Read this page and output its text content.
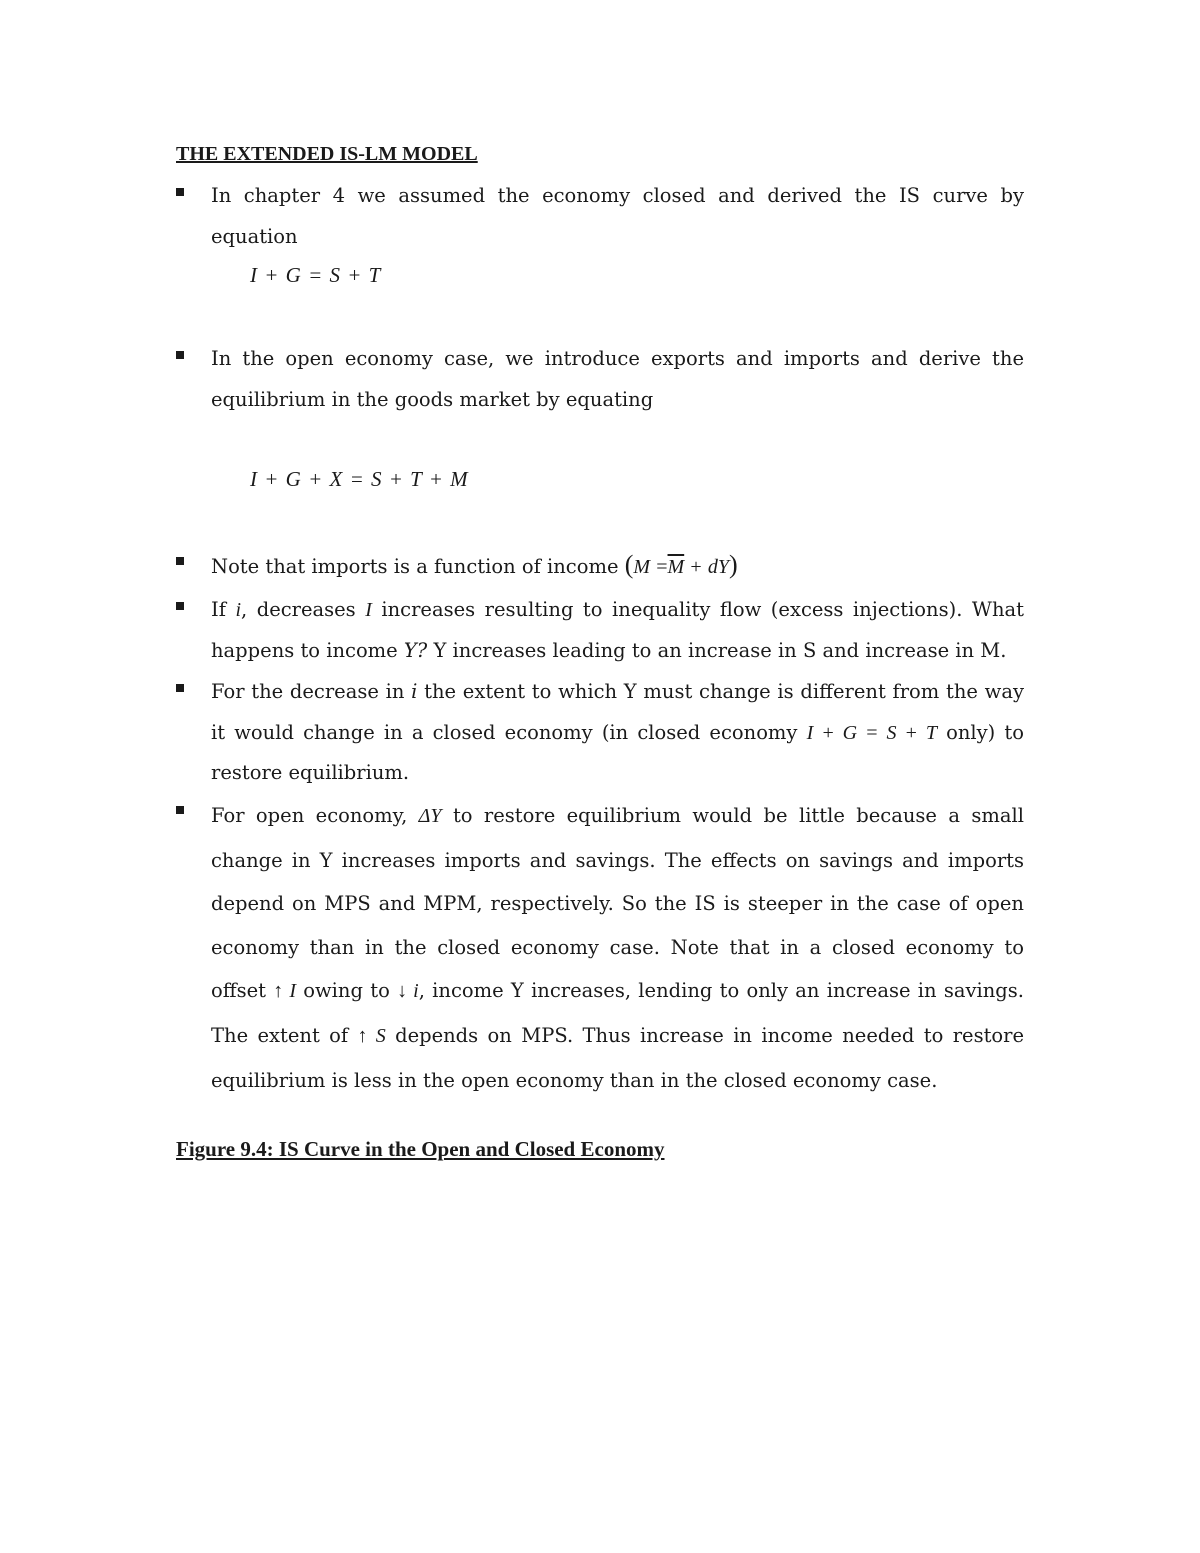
THE EXTENDED IS-LM MODEL
In chapter 4 we assumed the economy closed and derived the IS curve by equation
I + G = S + T
In the open economy case, we introduce exports and imports and derive the equilibrium in the goods market by equating
I + G + X = S + T + M
Note that imports is a function of income $(M =\overline{M} + dY)$
If i, decreases I increases resulting to inequality flow (excess injections). What happens to income Y? Y increases leading to an increase in S and increase in M.
For the decrease in i the extent to which Y must change is different from the way it would change in a closed economy (in closed economy I + G = S + T only) to restore equilibrium.
For open economy, ΔY to restore equilibrium would be little because a small change in Y increases imports and savings. The effects on savings and imports depend on MPS and MPM, respectively. So the IS is steeper in the case of open economy than in the closed economy case. Note that in a closed economy to offset ↑ I owing to ↓ i, income Y increases, lending to only an increase in savings. The extent of ↑ S depends on MPS. Thus increase in income needed to restore equilibrium is less in the open economy than in the closed economy case.
Figure 9.4: IS Curve in the Open and Closed Economy
